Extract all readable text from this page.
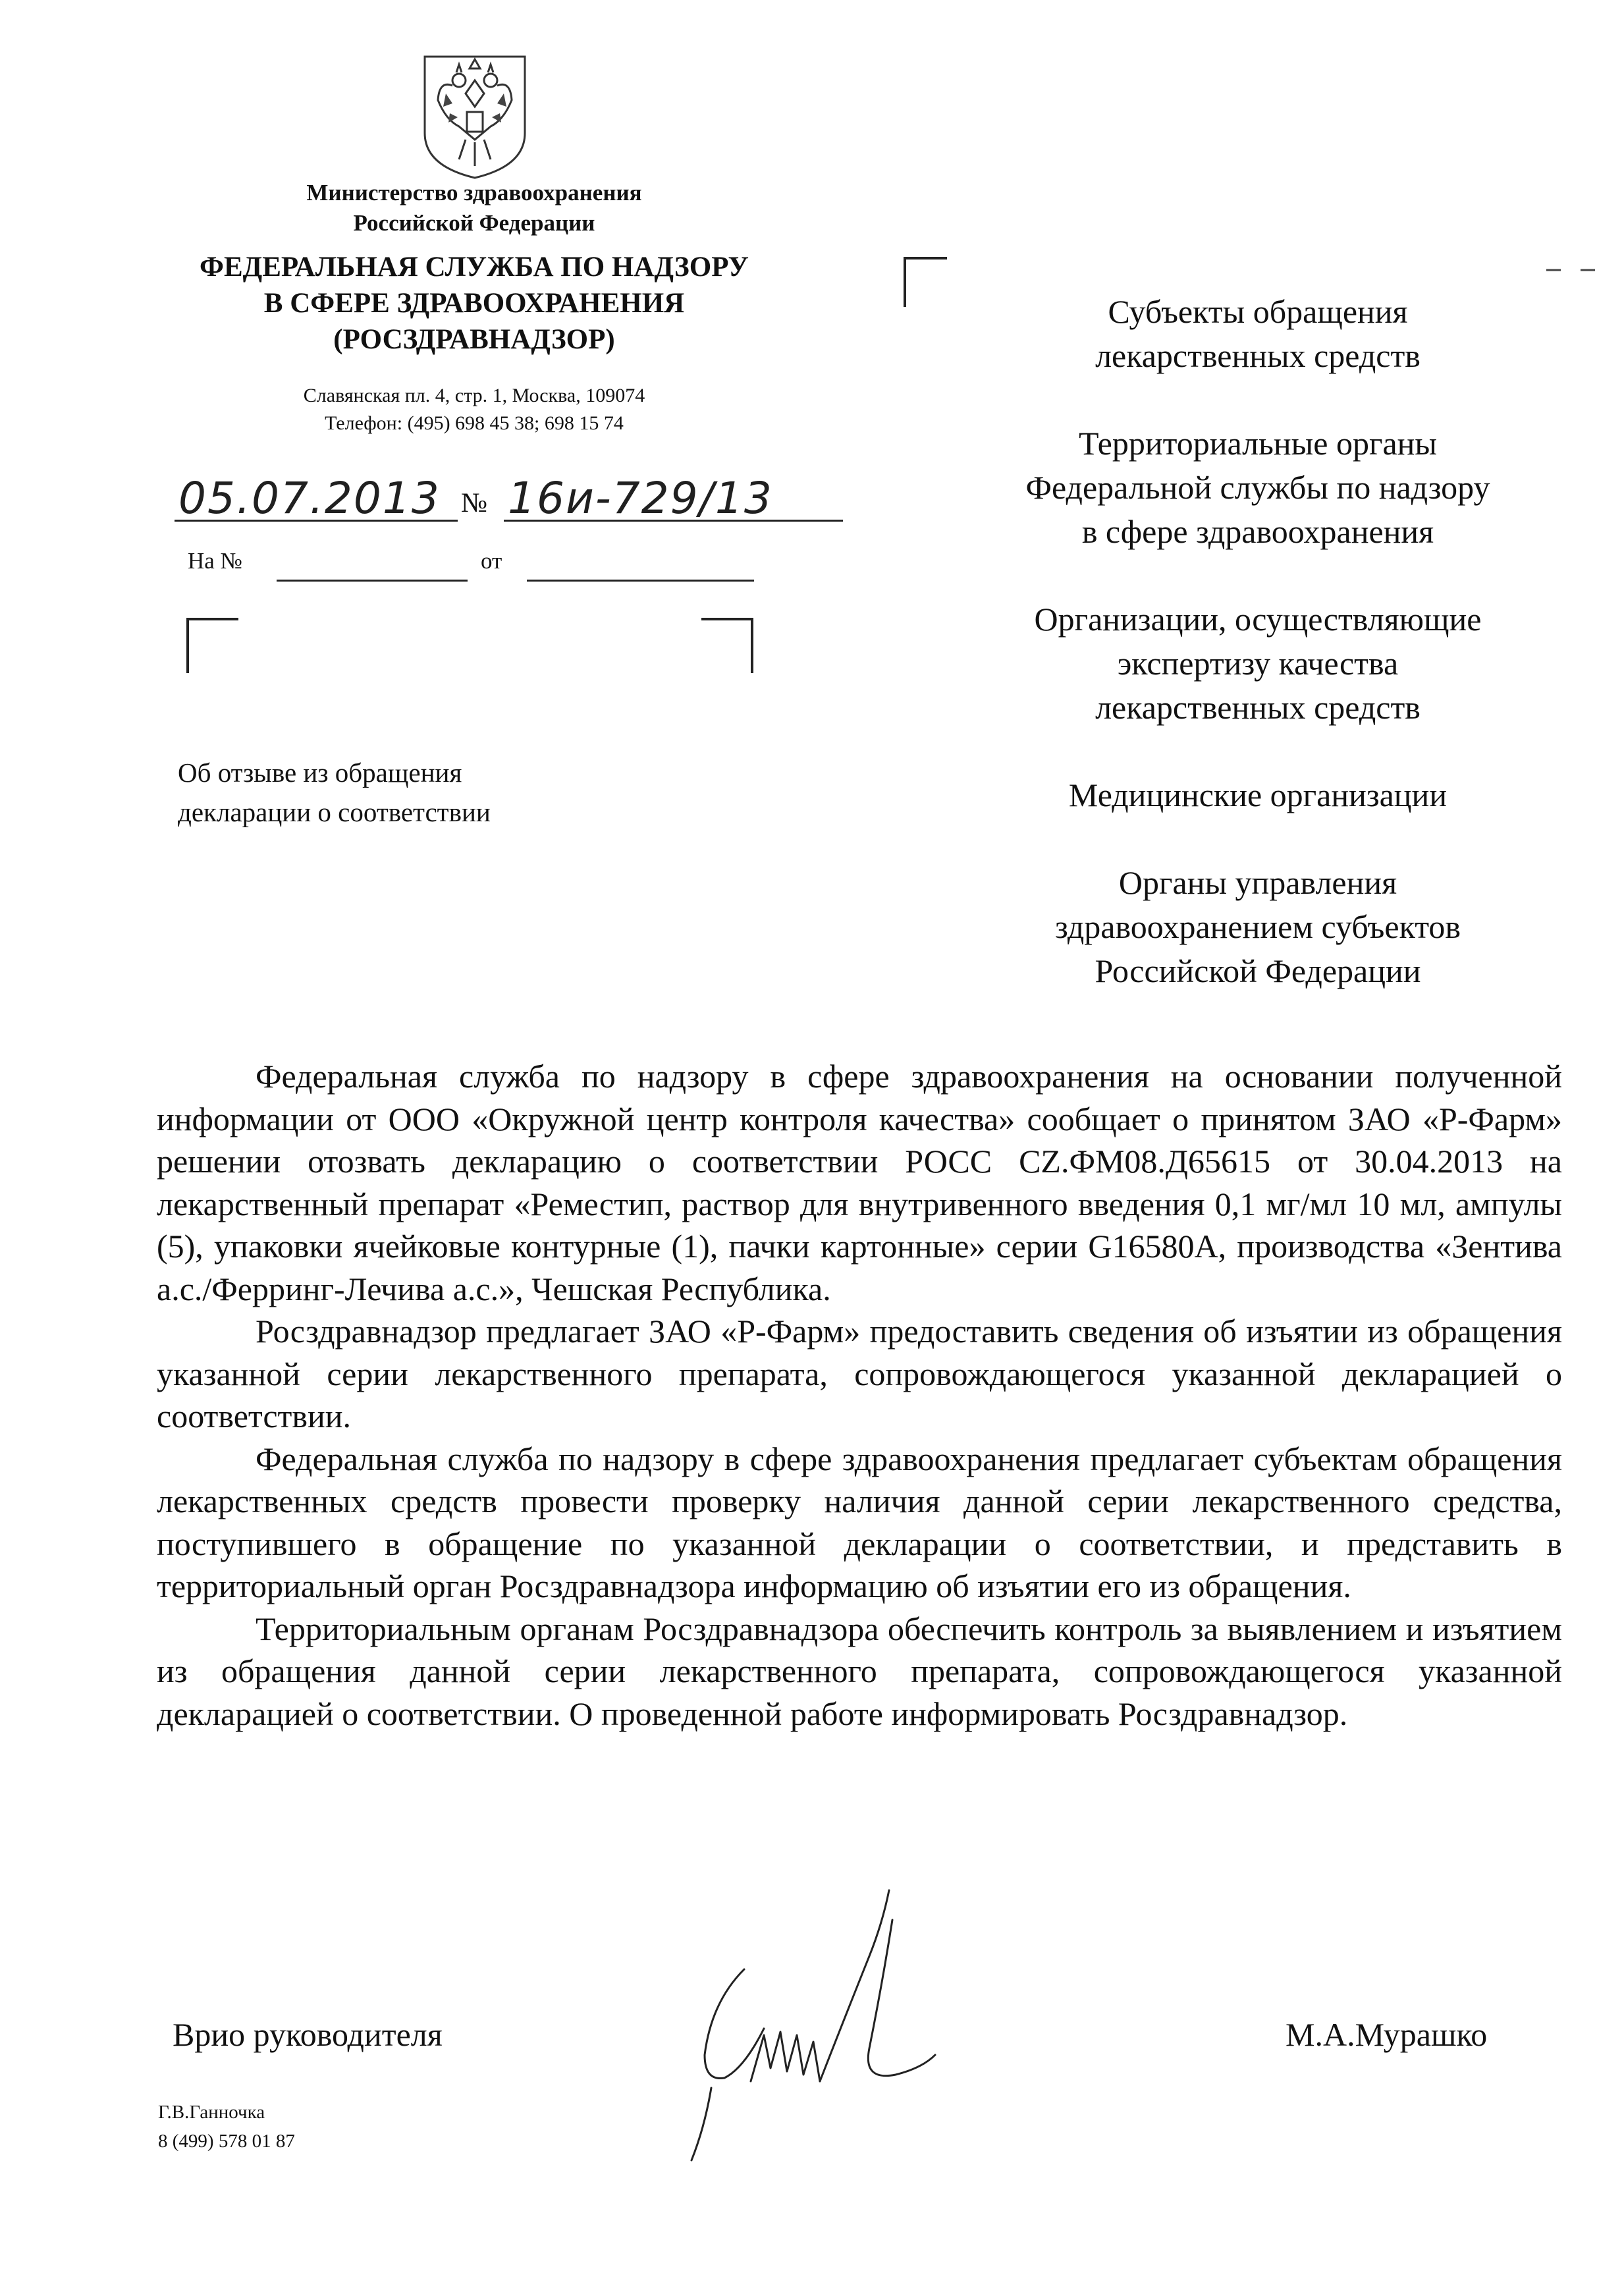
Министерство здравоохранения
Российской Федерации
ФЕДЕРАЛЬНАЯ СЛУЖБА ПО НАДЗОРУ
В СФЕРЕ ЗДРАВООХРАНЕНИЯ
(РОСЗДРАВНАДЗОР)
Славянская пл. 4, стр. 1, Москва, 109074
Телефон: (495) 698 45 38; 698 15 74
05.07.2013 № 16и-729/13
На №	от
Об отзыве из обращения
декларации о соответствии
Субъекты обращения
лекарственных средств
Территориальные органы
Федеральной службы по надзору
в сфере здравоохранения
Организации, осуществляющие
экспертизу качества
лекарственных средств
Медицинские организации
Органы управления
здравоохранением субъектов
Российской Федерации

Федеральная служба по надзору в сфере здравоохранения на основании полученной информации от ООО «Окружной центр контроля качества» сообщает о принятом ЗАО «Р-Фарм» решении отозвать декларацию о соответствии РОСС CZ.ФМ08.Д65615 от 30.04.2013 на лекарственный препарат «Реместип, раствор для внутривенного введения 0,1 мг/мл 10 мл, ампулы (5), упаковки ячейковые контурные (1), пачки картонные» серии G16580A, производства «Зентива а.с./Ферринг-Лечива а.с.», Чешская Республика.

Росздравнадзор предлагает ЗАО «Р-Фарм» предоставить сведения об изъятии из обращения указанной серии лекарственного препарата, сопровождающегося указанной декларацией о соответствии.

Федеральная служба по надзору в сфере здравоохранения предлагает субъектам обращения лекарственных средств провести проверку наличия данной серии лекарственного средства, поступившего в обращение по указанной декларации о соответствии, и представить в территориальный орган Росздравнадзора информацию об изъятии его из обращения.

Территориальным органам Росздравнадзора обеспечить контроль за выявлением и изъятием из обращения данной серии лекарственного препарата, сопровождающегося указанной декларацией о соответствии. О проведенной работе информировать Росздравнадзор.

Врио руководителя	М.А.Мурашко
Г.В.Ганночка
8 (499) 578 01 87
